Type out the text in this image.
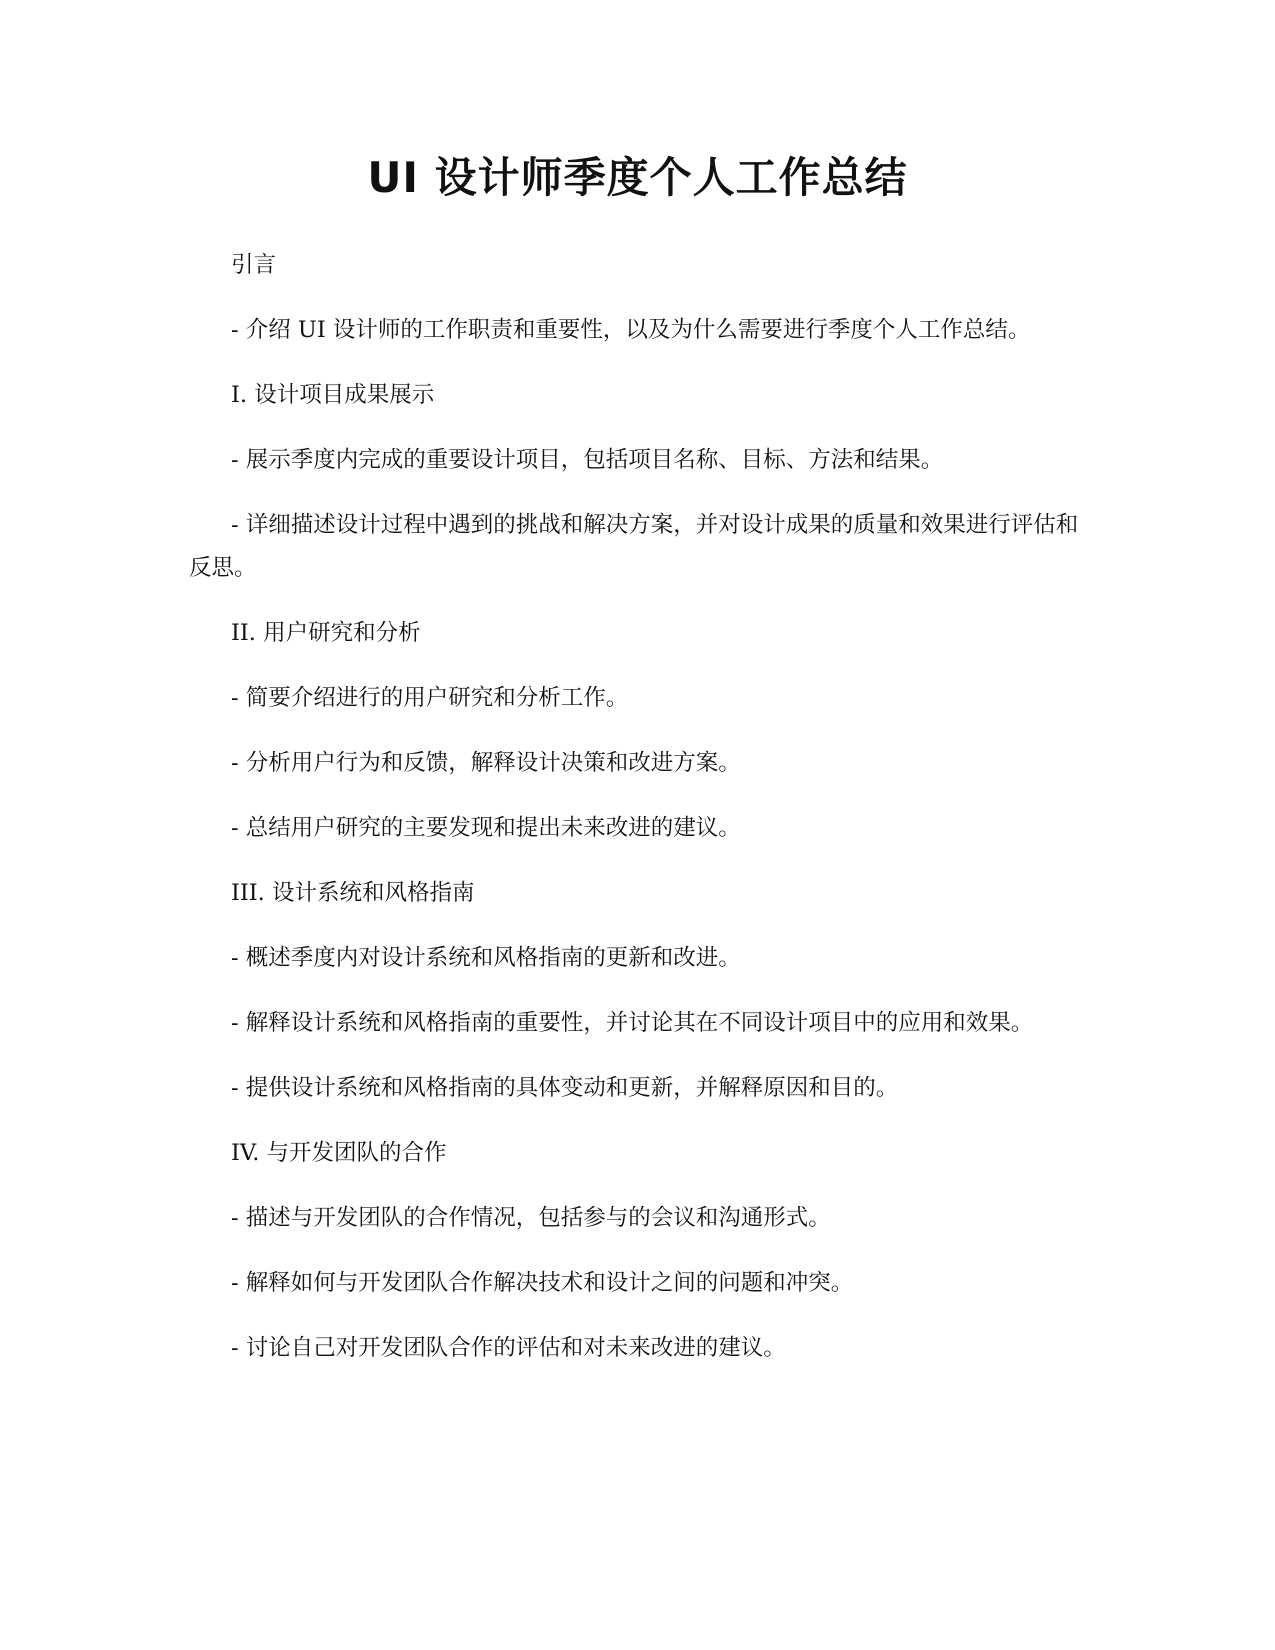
UI 设计师季度个人工作总结

引言

- 介绍 UI 设计师的工作职责和重要性，以及为什么需要进行季度个人工作总结。

I. 设计项目成果展示

- 展示季度内完成的重要设计项目，包括项目名称、目标、方法和结果。

- 详细描述设计过程中遇到的挑战和解决方案，并对设计成果的质量和效果进行评估和反思。

II. 用户研究和分析

- 简要介绍进行的用户研究和分析工作。

- 分析用户行为和反馈，解释设计决策和改进方案。

- 总结用户研究的主要发现和提出未来改进的建议。

III. 设计系统和风格指南

- 概述季度内对设计系统和风格指南的更新和改进。

- 解释设计系统和风格指南的重要性，并讨论其在不同设计项目中的应用和效果。

- 提供设计系统和风格指南的具体变动和更新，并解释原因和目的。

IV. 与开发团队的合作

- 描述与开发团队的合作情况，包括参与的会议和沟通形式。

- 解释如何与开发团队合作解决技术和设计之间的问题和冲突。

- 讨论自己对开发团队合作的评估和对未来改进的建议。
